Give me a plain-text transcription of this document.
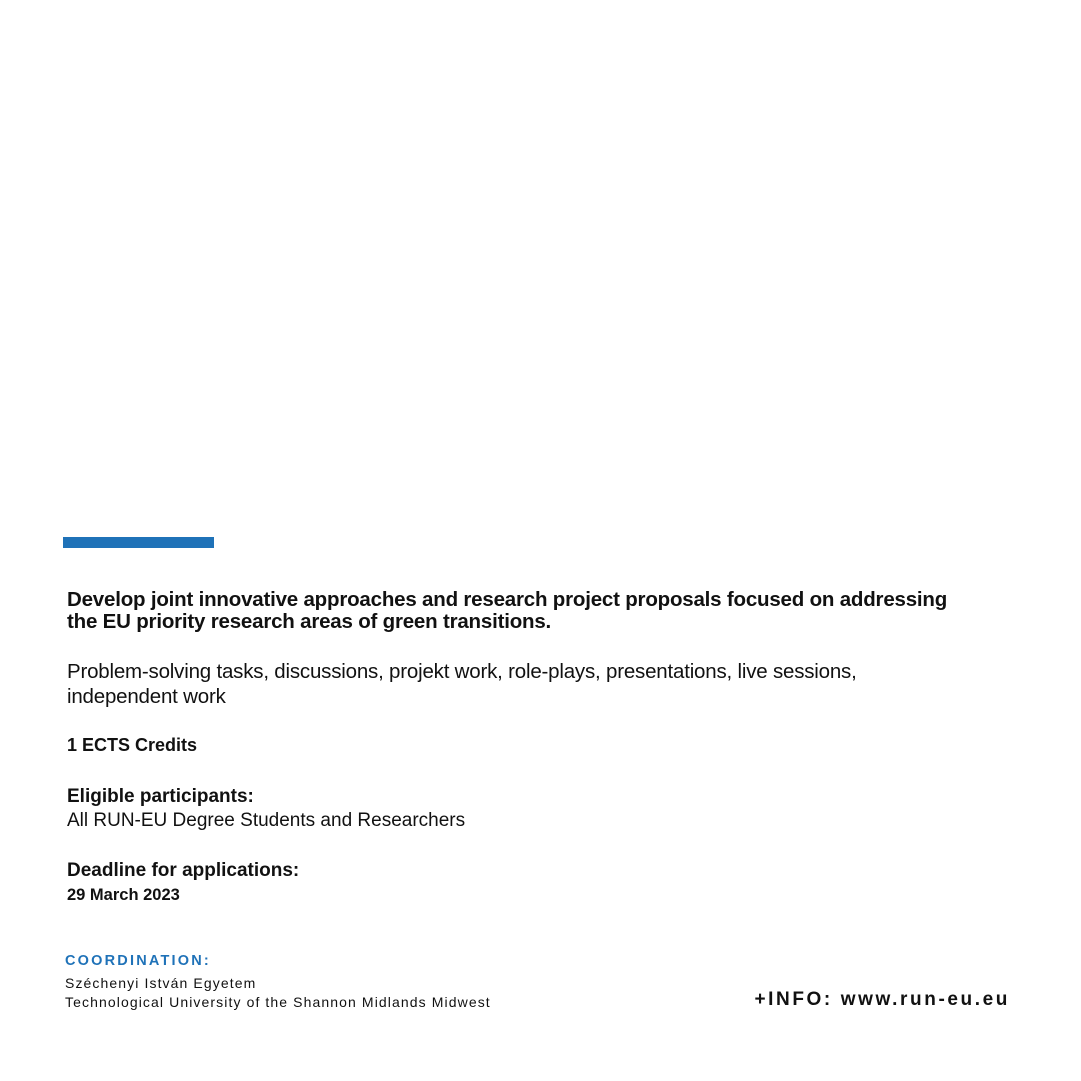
Develop joint innovative approaches and research project proposals focused on addressing the EU priority research areas of green transitions.

Problem-solving tasks, discussions, projekt work, role-plays, presentations, live sessions, independent work

1 ECTS Credits

Eligible participants:

All RUN-EU Degree Students and Researchers

Deadline for applications:

29 March 2023

COORDINATION:

Széchenyi István Egyetem

Technological University of the Shannon Midlands Midwest	+INFO: www.run-eu.eu
